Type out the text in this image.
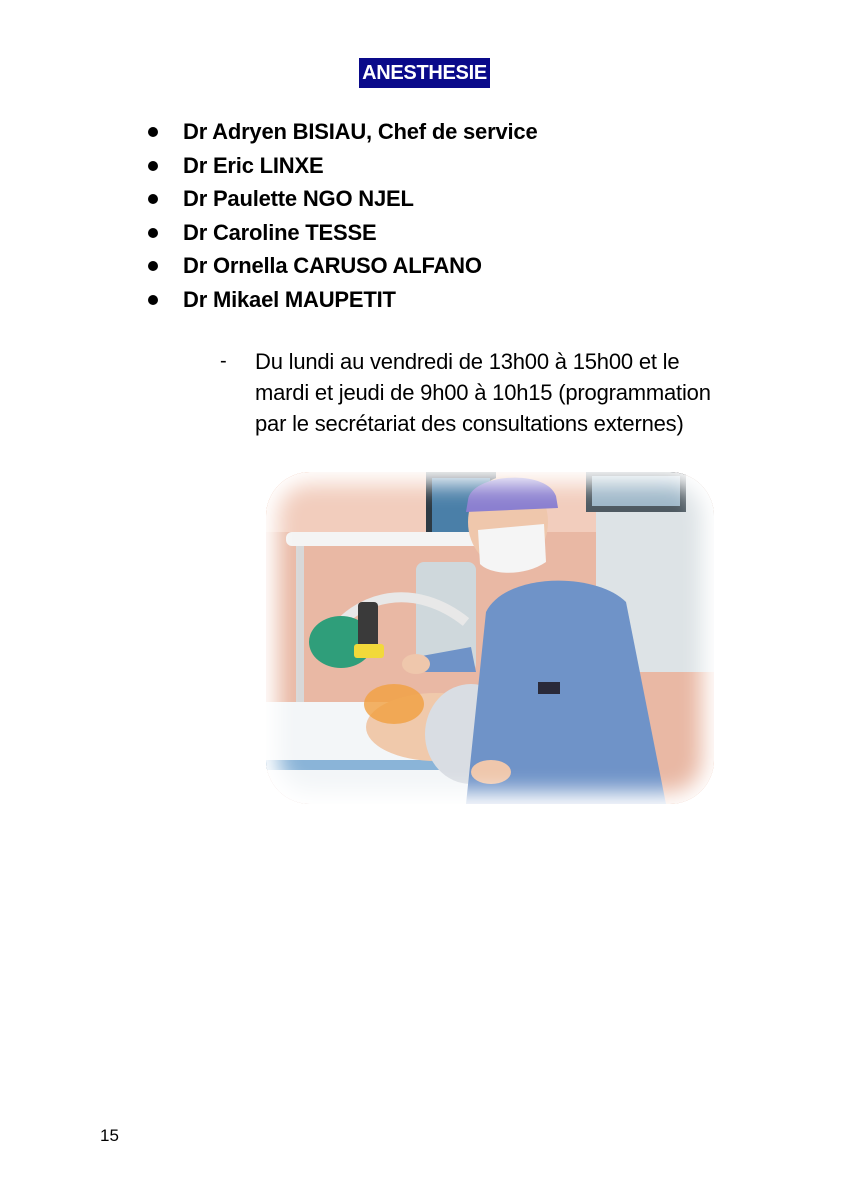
ANESTHESIE
Dr Adryen BISIAU, Chef de service
Dr Eric LINXE
Dr Paulette NGO NJEL
Dr Caroline TESSE
Dr Ornella CARUSO ALFANO
Dr Mikael MAUPETIT
- Du lundi au vendredi de 13h00 à 15h00 et le
mardi et jeudi de 9h00 à 10h15 (programmation
par le secrétariat des consultations externes)
15
